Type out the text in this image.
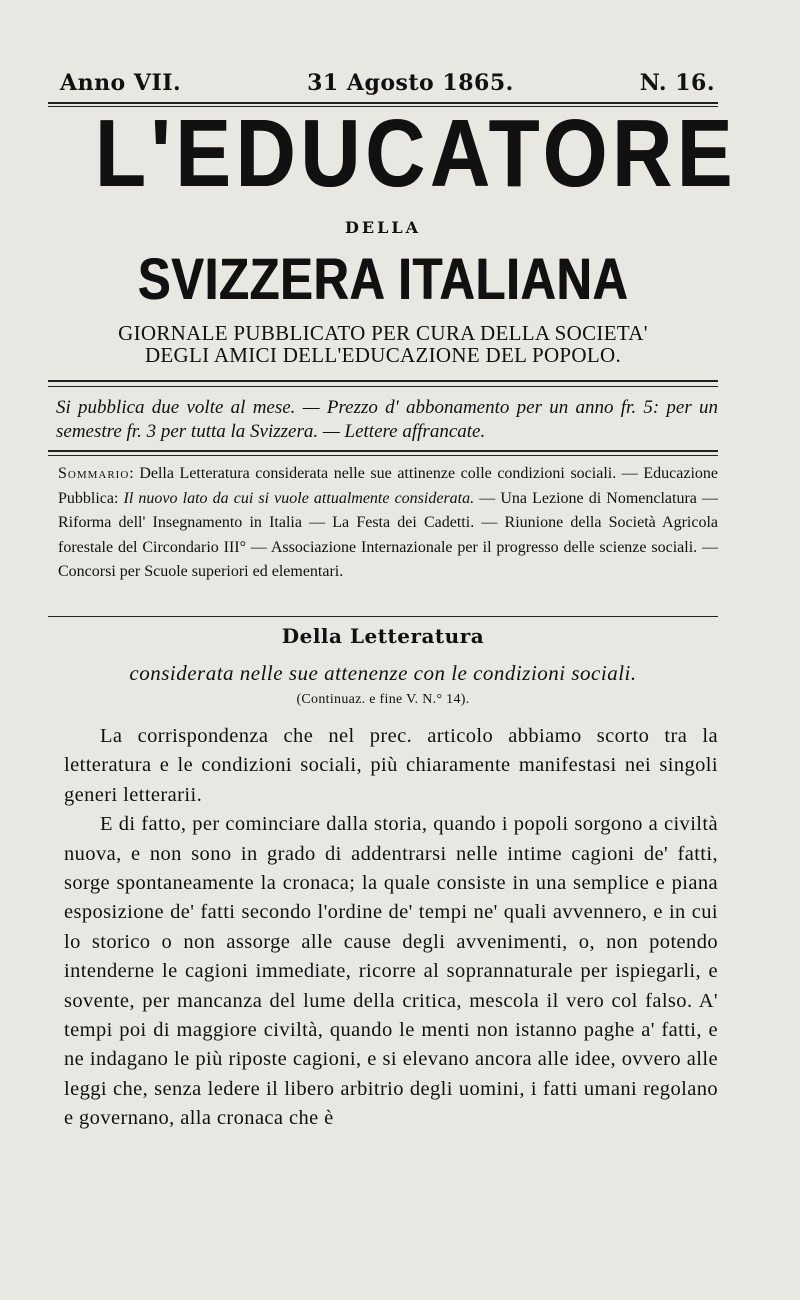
Anno VII.	31 Agosto 1865.	N. 16.
L'EDUCATORE
DELLA
SVIZZERA ITALIANA
GIORNALE PUBBLICATO PER CURA DELLA SOCIETA'
DEGLI AMICI DELL'EDUCAZIONE DEL POPOLO.
Si pubblica due volte al mese. — Prezzo d' abbonamento per un anno fr. 5: per un semestre fr. 3 per tutta la Svizzera. — Lettere affrancate.
Sommario: Della Letteratura considerata nelle sue attinenze colle condizioni sociali. — Educazione Pubblica: Il nuovo lato da cui si vuole attualmente considerata. — Una Lezione di Nomenclatura — Riforma dell' Insegnamento in Italia — La Festa dei Cadetti. — Riunione della Società Agricola forestale del Circondario III° — Associazione Internazionale per il progresso delle scienze sociali. — Concorsi per Scuole superiori ed elementari.
Della Letteratura
considerata nelle sue attenenze con le condizioni sociali.
(Continuaz. e fine V. N.° 14).

La corrispondenza che nel prec. articolo abbiamo scorto tra la letteratura e le condizioni sociali, più chiaramente manifestasi nei singoli generi letterarii.

E di fatto, per cominciare dalla storia, quando i popoli sorgono a civiltà nuova, e non sono in grado di addentrarsi nelle intime cagioni de' fatti, sorge spontaneamente la cronaca; la quale consiste in una semplice e piana esposizione de' fatti secondo l'ordine de' tempi ne' quali avvennero, e in cui lo storico o non assorge alle cause degli avvenimenti, o, non potendo intenderne le cagioni immediate, ricorre al soprannaturale per ispiegarli, e sovente, per mancanza del lume della critica, mescola il vero col falso. A' tempi poi di maggiore civiltà, quando le menti non istanno paghe a' fatti, e ne indagano le più riposte cagioni, e si elevano ancora alle idee, ovvero alle leggi che, senza ledere il libero arbitrio degli uomini, i fatti umani regolano e governano, alla cronaca che è
